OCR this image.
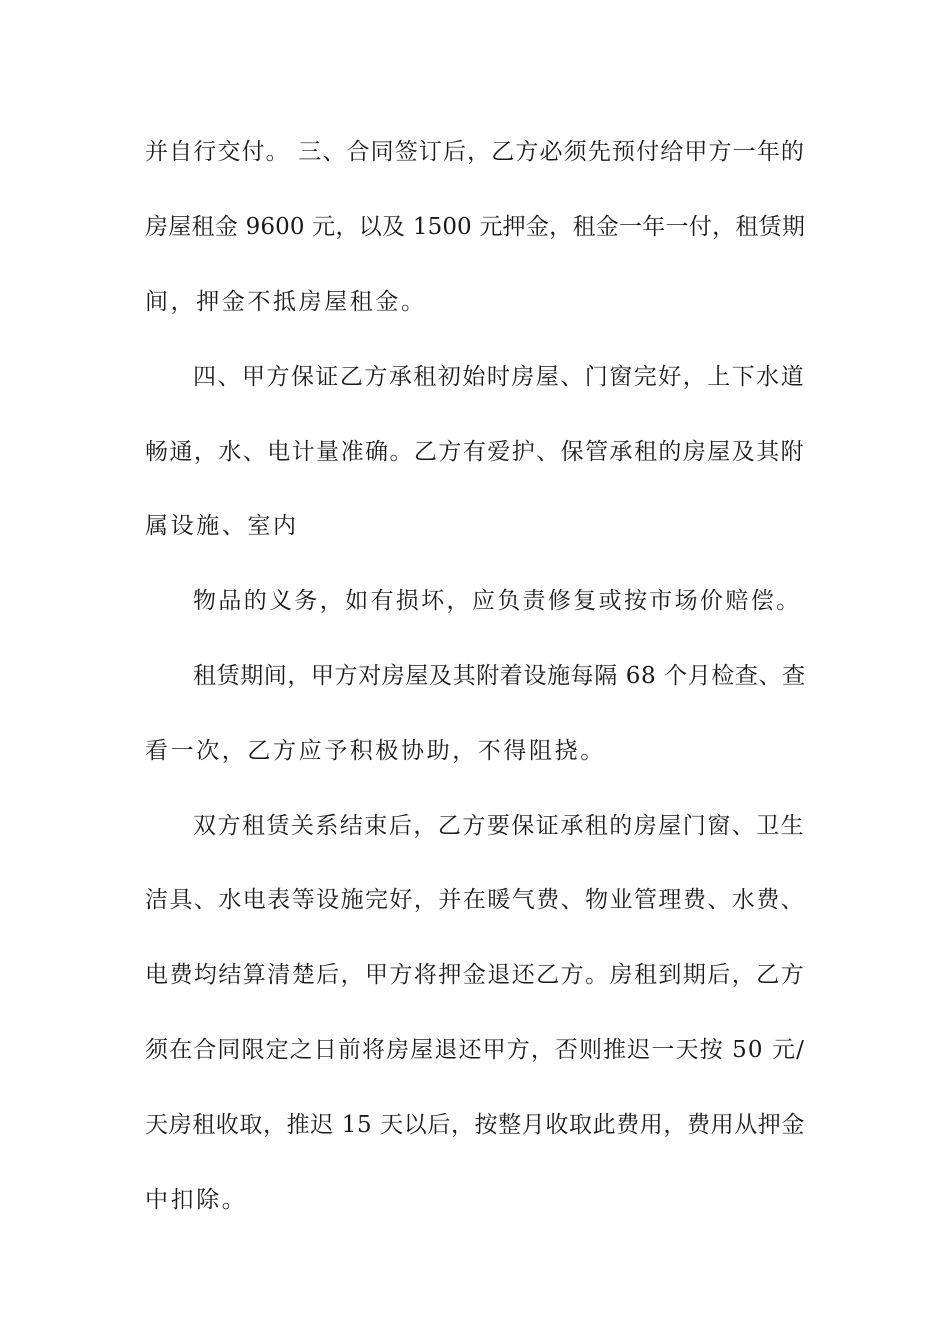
并自行交付。 三、合同签订后，乙方必须先预付给甲方一年的
房屋租金 9600 元，以及 1500 元押金，租金一年一付，租赁期
间，押金不抵房屋租金。
四、甲方保证乙方承租初始时房屋、门窗完好，上下水道
畅通，水、电计量准确。乙方有爱护、保管承租的房屋及其附
属设施、室内
物品的义务，如有损坏，应负责修复或按市场价赔偿。
租赁期间，甲方对房屋及其附着设施每隔 68 个月检查、查
看一次，乙方应予积极协助，不得阻挠。
双方租赁关系结束后，乙方要保证承租的房屋门窗、卫生
洁具、水电表等设施完好，并在暖气费、物业管理费、水费、
电费均结算清楚后，甲方将押金退还乙方。房租到期后，乙方
须在合同限定之日前将房屋退还甲方，否则推迟一天按 50 元/
天房租收取，推迟 15 天以后，按整月收取此费用，费用从押金
中扣除。
